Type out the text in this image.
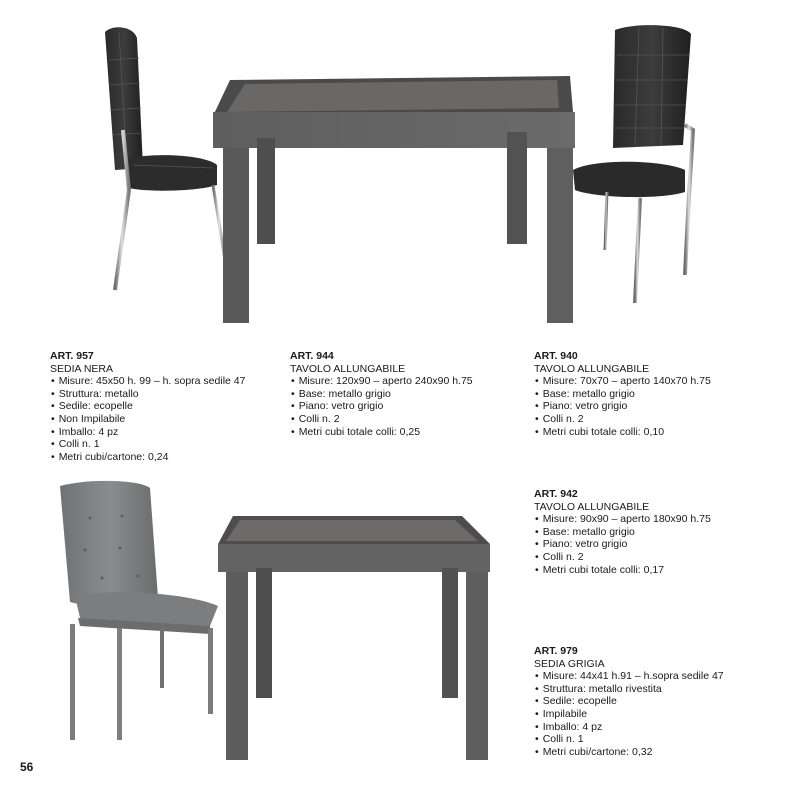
ART. 957
SEDIA NERA
• Misure: 45x50 h. 99 – h. sopra sedile 47
• Struttura: metallo
• Sedile: ecopelle
• Non Impilabile
• Imballo: 4 pz
• Colli n. 1
• Metri cubi/cartone: 0,24
ART. 944
TAVOLO ALLUNGABILE
• Misure: 120x90 – aperto 240x90 h.75
• Base: metallo grigio
• Piano: vetro grigio
• Colli n. 2
• Metri cubi totale colli: 0,25
ART. 940
TAVOLO ALLUNGABILE
• Misure: 70x70 – aperto 140x70 h.75
• Base: metallo grigio
• Piano: vetro grigio
• Colli n. 2
• Metri cubi totale colli: 0,10
ART. 942
TAVOLO ALLUNGABILE
• Misure: 90x90 – aperto 180x90 h.75
• Base: metallo grigio
• Piano: vetro grigio
• Colli n. 2
• Metri cubi totale colli: 0,17
ART. 979
SEDIA GRIGIA
• Misure: 44x41 h.91 – h.sopra sedile 47
• Struttura: metallo rivestita
• Sedile: ecopelle
• Impilabile
• Imballo: 4 pz
• Colli n. 1
• Metri cubi/cartone: 0,32
56
